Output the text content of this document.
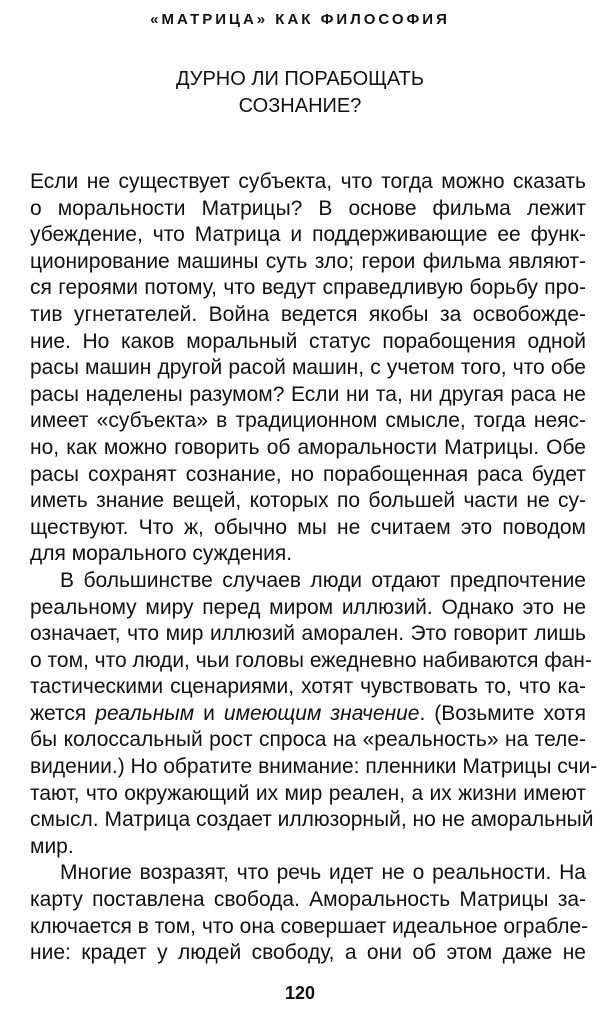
«МАТРИЦА» КАК ФИЛОСОФИЯ
ДУРНО ЛИ ПОРАБОЩАТЬ
СОЗНАНИЕ?
Если не существует субъекта, что тогда можно сказать
о моральности Матрицы? В основе фильма лежит
убеждение, что Матрица и поддерживающие ее функ-
ционирование машины суть зло; герои фильма являют-
ся героями потому, что ведут справедливую борьбу про-
тив угнетателей. Война ведется якобы за освобожде-
ние. Но каков моральный статус порабощения одной
расы машин другой расой машин, с учетом того, что обе
расы наделены разумом? Если ни та, ни другая раса не
имеет «субъекта» в традиционном смысле, тогда неяс-
но, как можно говорить об аморальности Матрицы. Обе
расы сохранят сознание, но порабощенная раса будет
иметь знание вещей, которых по большей части не су-
ществуют. Что ж, обычно мы не считаем это поводом
для морального суждения.
В большинстве случаев люди отдают предпочтение
реальному миру перед миром иллюзий. Однако это не
означает, что мир иллюзий аморален. Это говорит лишь
о том, что люди, чьи головы ежедневно набиваются фан-
тастическими сценариями, хотят чувствовать то, что ка-
жется реальным и имеющим значение. (Возьмите хотя
бы колоссальный рост спроса на «реальность» на теле-
видении.) Но обратите внимание: пленники Матрицы счи-
тают, что окружающий их мир реален, а их жизни имеют
смысл. Матрица создает иллюзорный, но не аморальный
мир.
Многие возразят, что речь идет не о реальности. На
карту поставлена свобода. Аморальность Матрицы за-
ключается в том, что она совершает идеальное ограбле-
ние: крадет у людей свободу, а они об этом даже не
120
